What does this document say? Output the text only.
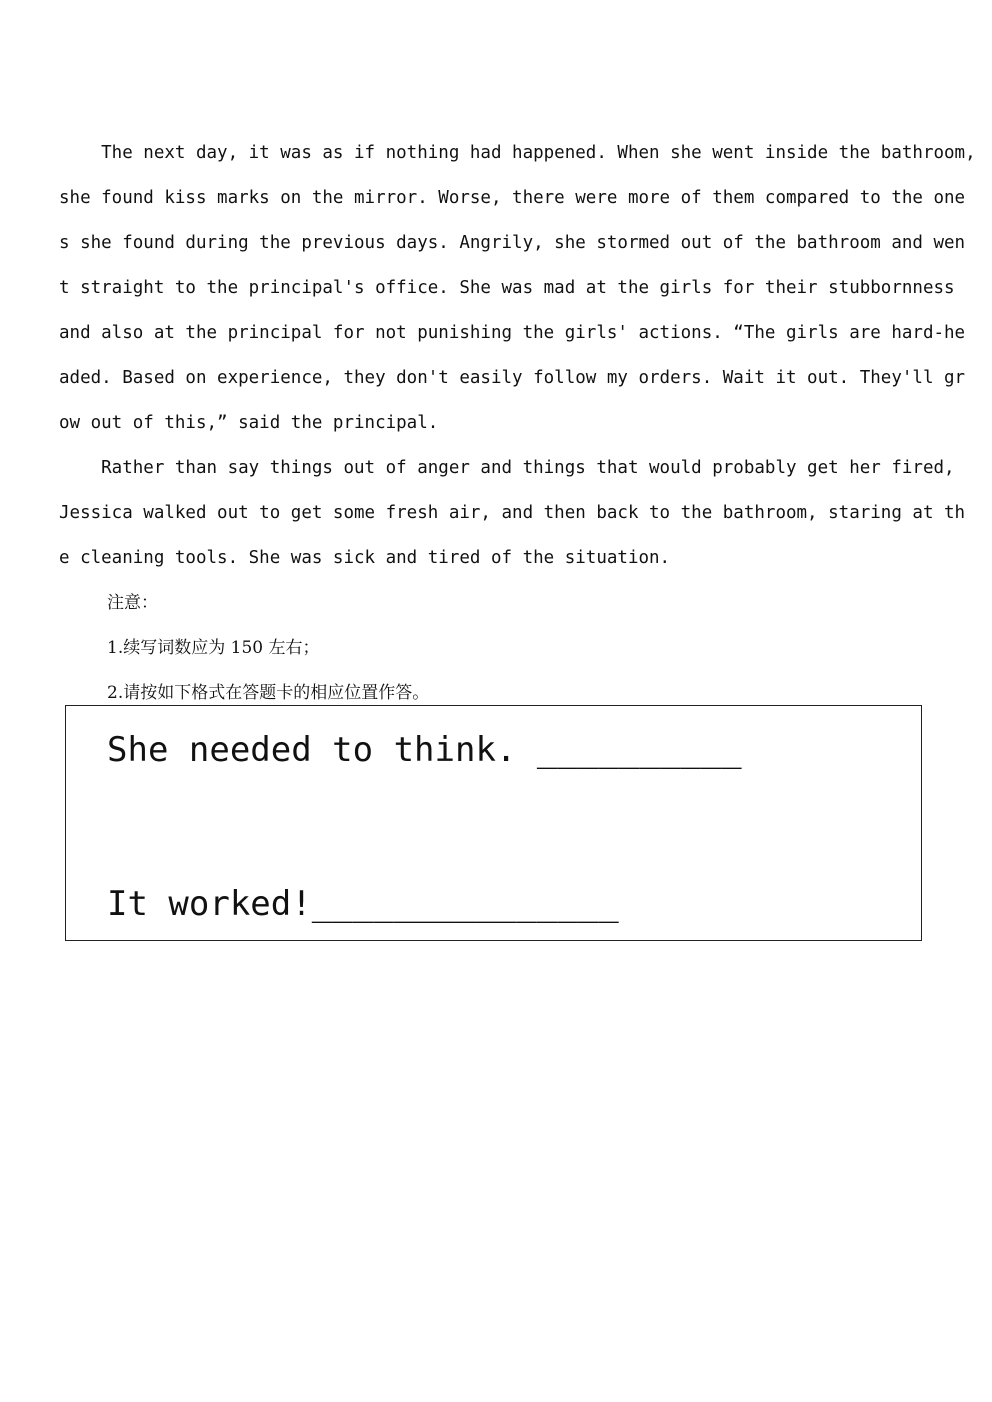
The next day, it was as if nothing had happened. When she went inside the bathroom,
she found kiss marks on the mirror. Worse, there were more of them compared to the one
s she found during the previous days. Angrily, she stormed out of the bathroom and wen
t straight to the principal's office. She was mad at the girls for their stubbornness
and also at the principal for not punishing the girls' actions. “The girls are hard-he
aded. Based on experience, they don't easily follow my orders. Wait it out. They'll gr
ow out of this,” said the principal.
Rather than say things out of anger and things that would probably get her fired,
Jessica walked out to get some fresh air, and then back to the bathroom, staring at th
e cleaning tools. She was sick and tired of the situation.
注意：
1.续写词数应为 150 左右；
2.请按如下格式在答题卡的相应位置作答。
She needed to think. __________
It worked!_______________
